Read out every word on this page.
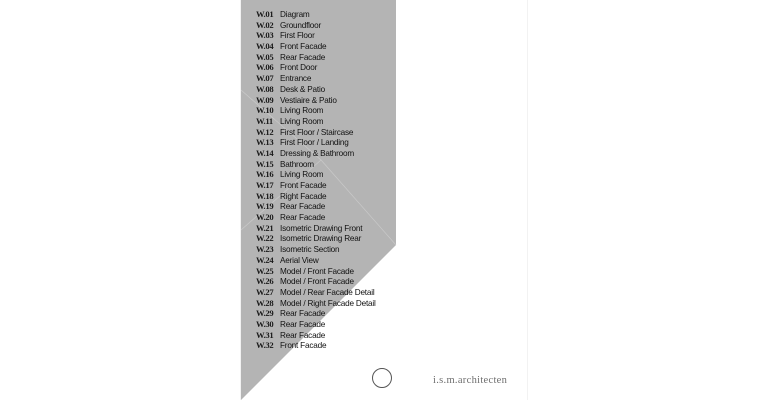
W.01 Diagram
W.02 Groundfloor
W.03 First Floor
W.04 Front Facade
W.05 Rear Facade
W.06 Front Door
W.07 Entrance
W.08 Desk & Patio
W.09 Vestiaire & Patio
W.10 Living Room
W.11 Living Room
W.12 First Floor / Staircase
W.13 First Floor / Landing
W.14 Dressing & Bathroom
W.15 Bathroom
W.16 Living Room
W.17 Front Facade
W.18 Right Facade
W.19 Rear Facade
W.20 Rear Facade
W.21 Isometric Drawing Front
W.22 Isometric Drawing Rear
W.23 Isometric Section
W.24 Aerial View
W.25 Model / Front Facade
W.26 Model / Front Facade
W.27 Model / Rear Facade Detail
W.28 Model / Right Facade Detail
W.29 Rear Facade
W.30 Rear Facade
W.31 Rear Facade
W.32 Front Facade
i.s.m.architecten
